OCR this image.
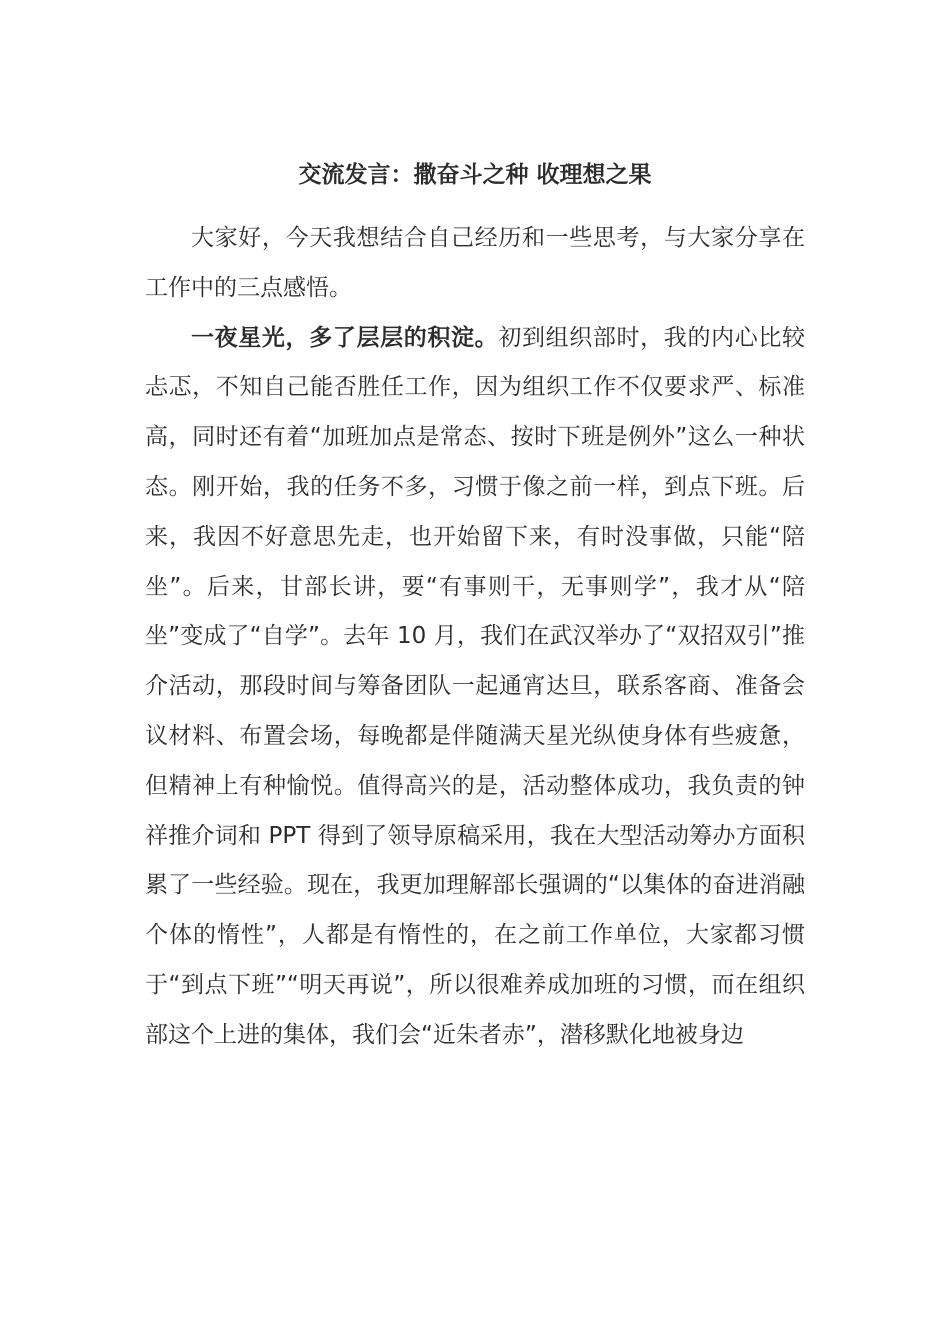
交流发言：撒奋斗之种 收理想之果

大家好，今天我想结合自己经历和一些思考，与大家分享在工作中的三点感悟。

一夜星光，多了层层的积淀。初到组织部时，我的内心比较忐忑，不知自己能否胜任工作，因为组织工作不仅要求严、标准高，同时还有着“加班加点是常态、按时下班是例外”这么一种状态。刚开始，我的任务不多，习惯于像之前一样，到点下班。后来，我因不好意思先走，也开始留下来，有时没事做，只能“陪坐”。后来，甘部长讲，要“有事则干，无事则学”，我才从“陪坐”变成了“自学”。去年 10 月，我们在武汉举办了“双招双引”推介活动，那段时间与筹备团队一起通宵达旦，联系客商、准备会议材料、布置会场，每晚都是伴随满天星光纵使身体有些疲惫，但精神上有种愉悦。值得高兴的是，活动整体成功，我负责的钟祥推介词和 PPT 得到了领导原稿采用，我在大型活动筹办方面积累了一些经验。现在，我更加理解部长强调的“以集体的奋进消融个体的惰性”，人都是有惰性的，在之前工作单位，大家都习惯于“到点下班”“明天再说”，所以很难养成加班的习惯，而在组织部这个上进的集体，我们会“近朱者赤”，潜移默化地被身边
